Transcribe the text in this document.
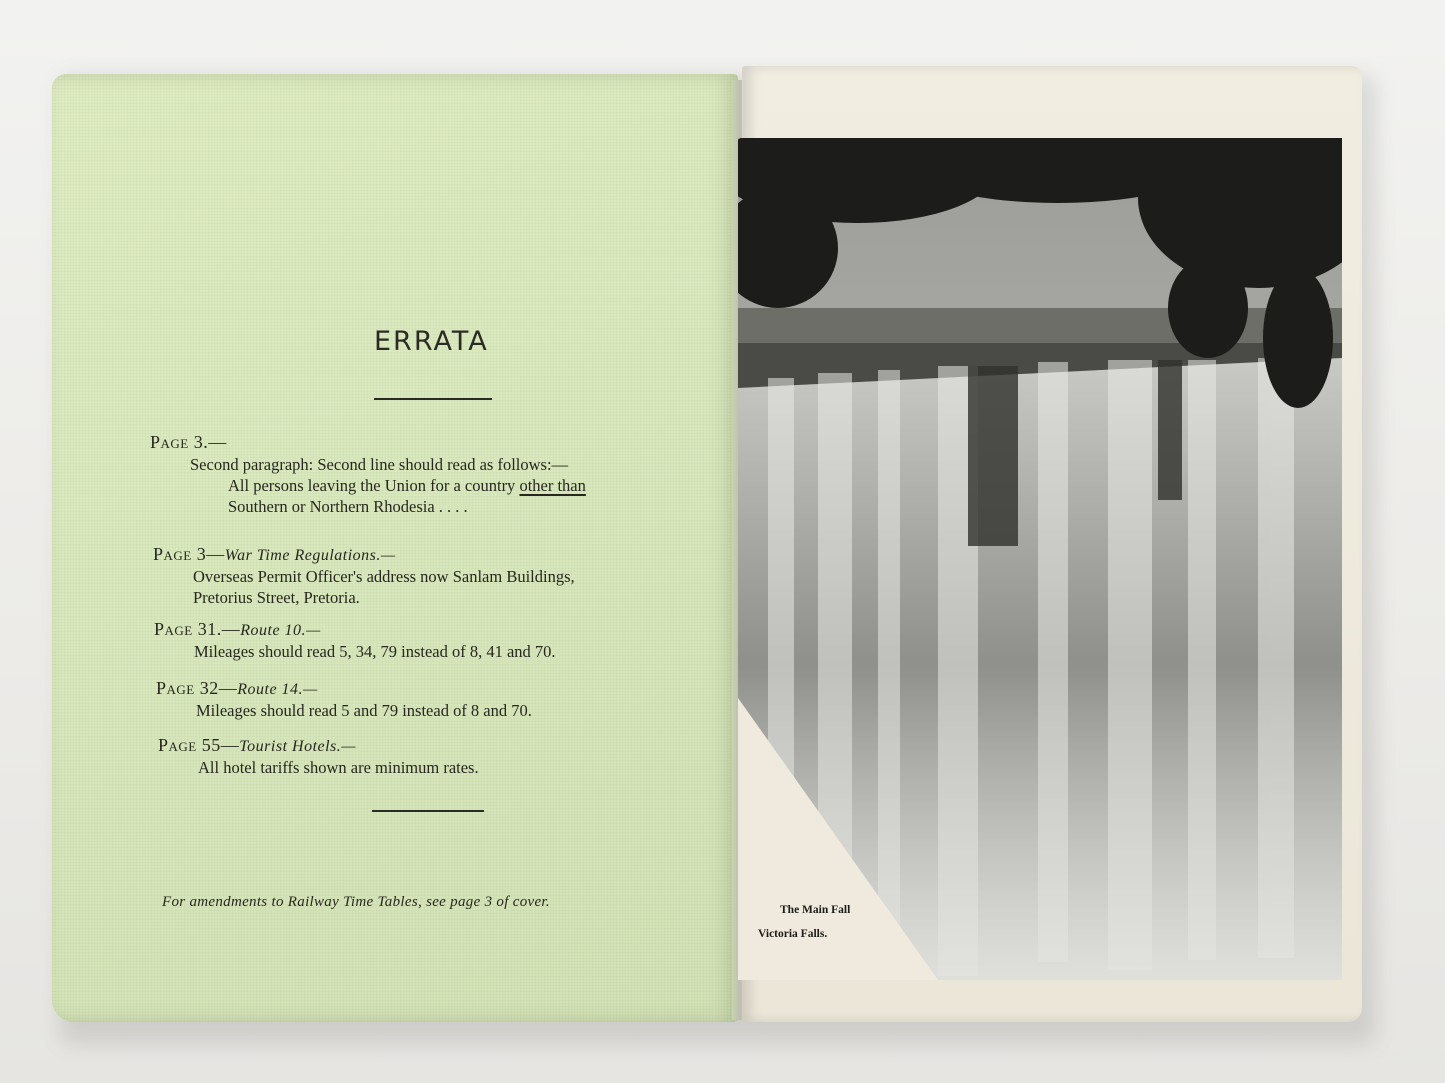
ERRATA
Page 3.—
Second paragraph: Second line should read as follows:—
All persons leaving the Union for a country other than
Southern or Northern Rhodesia . . . .
Page 3—War Time Regulations.—
Overseas Permit Officer's address now Sanlam Buildings,
Pretorius Street, Pretoria.
Page 31.—Route 10.—
Mileages should read 5, 34, 79 instead of 8, 41 and 70.
Page 32—Route 14.—
Mileages should read 5 and 79 instead of 8 and 70.
Page 55—Tourist Hotels.—
All hotel tariffs shown are minimum rates.
For amendments to Railway Time Tables, see page 3 of cover.	The Main Fall
Victoria Falls.
